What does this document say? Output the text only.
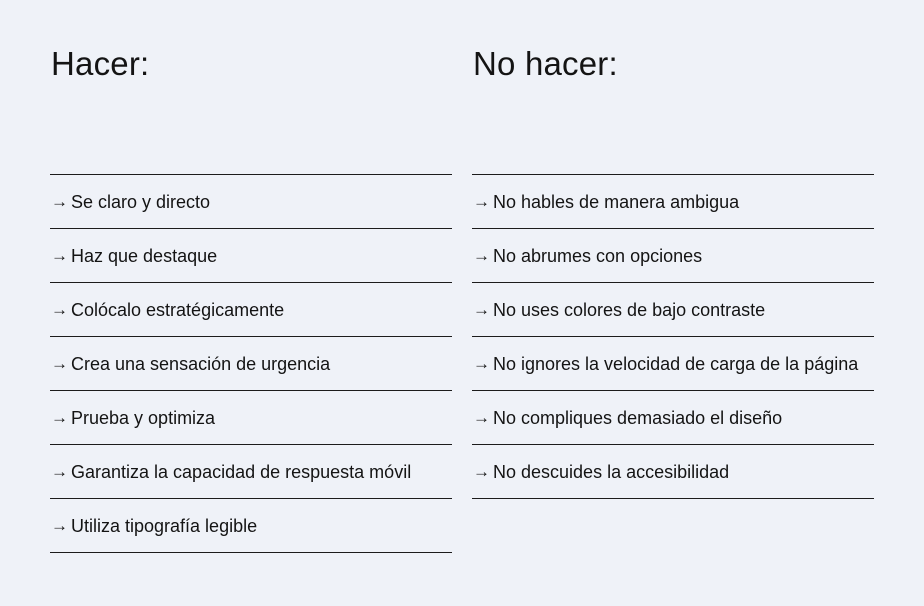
Hacer:
→ Se claro y directo
→ Haz que destaque
→ Colócalo estratégicamente
→ Crea una sensación de urgencia
→ Prueba y optimiza
→ Garantiza la capacidad de respuesta móvil
→ Utiliza tipografía legible
No hacer:
→ No hables de manera ambigua
→ No abrumes con opciones
→ No uses colores de bajo contraste
→ No ignores la velocidad de carga de la página
→ No compliques demasiado el diseño
→ No descuides la accesibilidad
